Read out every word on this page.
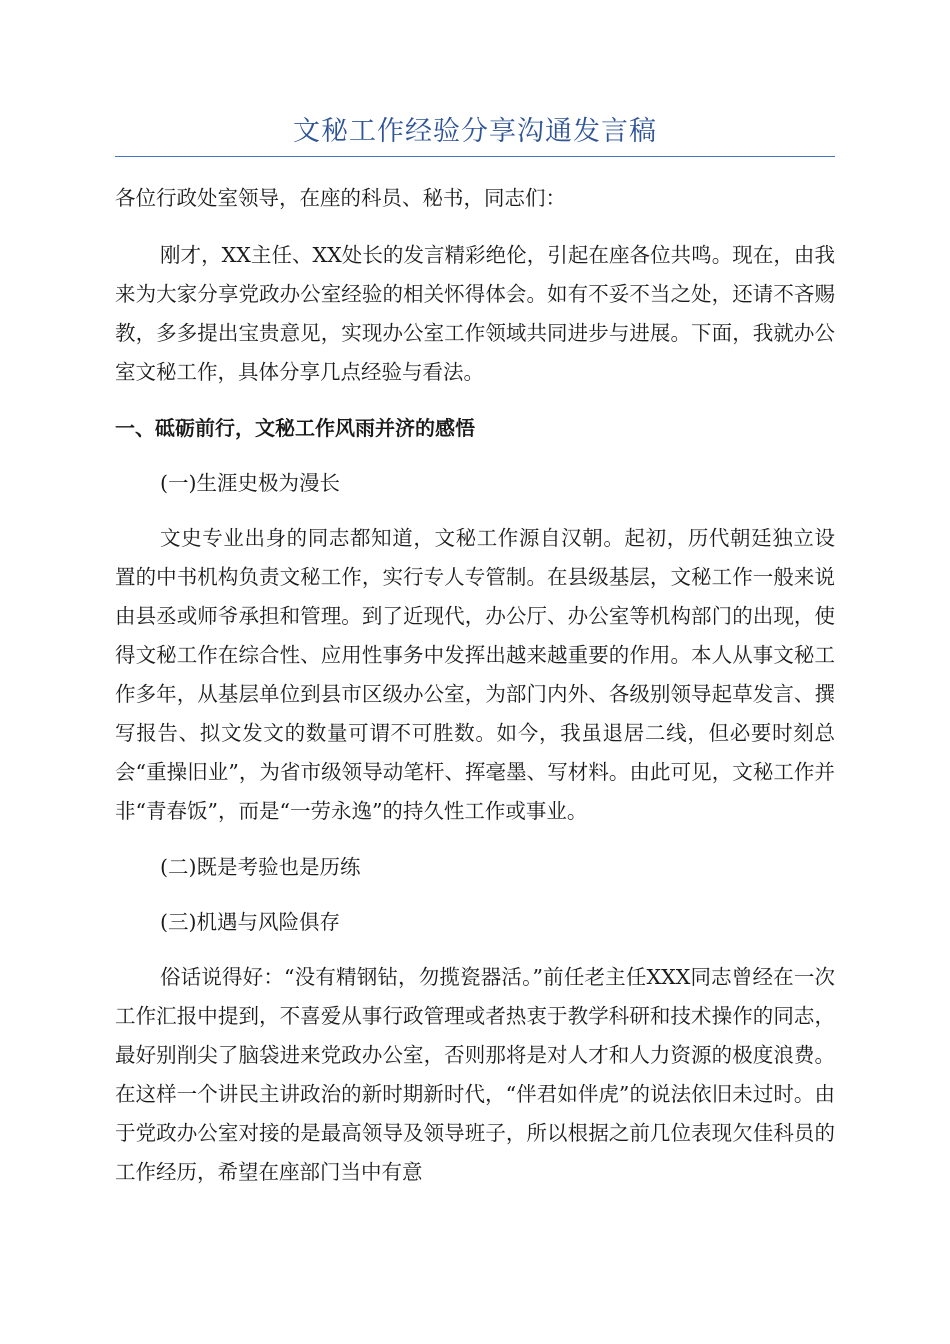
文秘工作经验分享沟通发言稿

各位行政处室领导，在座的科员、秘书，同志们：

刚才，XX主任、XX处长的发言精彩绝伦，引起在座各位共鸣。现在，由我来为大家分享党政办公室经验的相关怀得体会。如有不妥不当之处，还请不吝赐教，多多提出宝贵意见，实现办公室工作领域共同进步与进展。下面，我就办公室文秘工作，具体分享几点经验与看法。

一、砥砺前行，文秘工作风雨并济的感悟

(一)生涯史极为漫长

文史专业出身的同志都知道，文秘工作源自汉朝。起初，历代朝廷独立设置的中书机构负责文秘工作，实行专人专管制。在县级基层，文秘工作一般来说由县丞或师爷承担和管理。到了近现代，办公厅、办公室等机构部门的出现，使得文秘工作在综合性、应用性事务中发挥出越来越重要的作用。本人从事文秘工作多年，从基层单位到县市区级办公室，为部门内外、各级别领导起草发言、撰写报告、拟文发文的数量可谓不可胜数。如今，我虽退居二线，但必要时刻总会“重操旧业”，为省市级领导动笔杆、挥毫墨、写材料。由此可见，文秘工作并非“青春饭”，而是“一劳永逸”的持久性工作或事业。

(二)既是考验也是历练

(三)机遇与风险俱存

俗话说得好：“没有精钢钻，勿揽瓷器活。”前任老主任XXX同志曾经在一次工作汇报中提到，不喜爱从事行政管理或者热衷于教学科研和技术操作的同志，最好别削尖了脑袋进来党政办公室，否则那将是对人才和人力资源的极度浪费。在这样一个讲民主讲政治的新时期新时代，“伴君如伴虎”的说法依旧未过时。由于党政办公室对接的是最高领导及领导班子，所以根据之前几位表现欠佳科员的工作经历，希望在座部门当中有意
